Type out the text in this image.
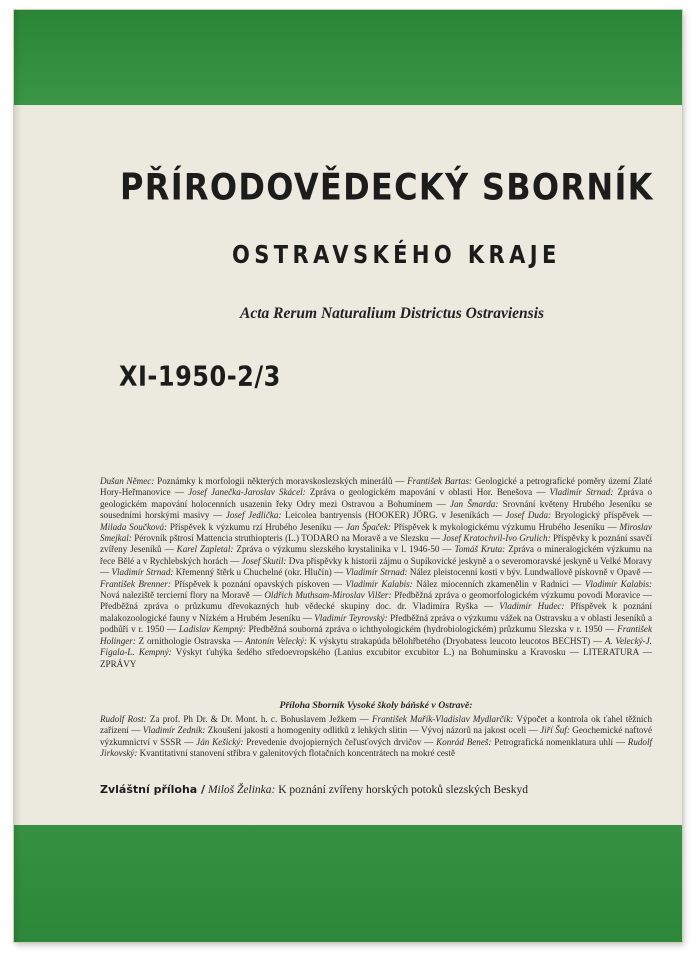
PŘÍRODOVĚDECKÝ SBORNÍK
OSTRAVSKÉHO KRAJE
Acta Rerum Naturalium Districtus Ostraviensis
XI-1950-2/3
Dušan Němec: Poznámky k morfologii některých moravskoslezských minerálů — František Bartas: Geologické a petrografické poměry území Zlaté Hory-Heřmanovice — Josef Janečka-Jaroslav Skácel: Zpráva o geologickém mapování v oblasti Hor. Benešova — Vladimír Strnad: Zpráva o geologickém mapování holocenních usazenin řeky Odry mezi Ostravou a Bohumínem — Jan Šmarda: Srovnání květeny Hrubého Jeseníku se sousedními horskými masivy — Josef Jedlička: Leicolea bantryensis (HOOKER) JÖRG. v Jeseníkách — Josef Duda: Bryologický příspěvek — Milada Součková: Příspěvek k výzkumu rzí Hrubého Jeseníku — Jan Špaček: Příspěvek k mykologickému výzkumu Hrubého Jeseníku — Miroslav Smejkal: Pérovník pštrosí Mattencia struthiopteris (L.) TODARO na Moravě a ve Slezsku — Josef Kratochvil-Ivo Grulich: Příspěvky k poznání ssavčí zvířeny Jeseníků — Karel Zapletal: Zpráva o výzkumu slezského krystalinika v l. 1946-50 — Tomáš Kruta: Zpráva o mineralogickém výzkumu na řece Bělé a v Rychlebských horách — Josef Skutil: Dva příspěvky k historii zájmu o Supíkovické jeskyně a o severomoravské jeskyně u Velké Moravy — Vladimír Strnad: Křemenný štěrk u Chuchelné (okr. Hlučín) — Vladimír Strnad: Nález pleistocenní kosti v býv. Lundwallově pískovně v Opavě — František Brenner: Příspěvek k poznání opavských pískoven — Vladimír Kalabis: Nález miocenních zkamenělin v Radnici — Vladimír Kalabis: Nová naleziště tercierní flory na Moravě — Oldřich Muthsam-Miroslav Vilšer: Předběžná zpráva o geomorfologickém výzkumu povodí Moravice — Předběžná zpráva o průzkumu dřevokazných hub vědecké skupiny doc. dr. Vladimíra Ryška — Vladimír Hudec: Příspěvek k poznání malakozoologické fauny v Nízkém a Hrubém Jeseníku — Vladimír Teyrovský: Předběžná zpráva o výzkumu vážek na Ostravsku a v oblasti Jeseníků a podhůří v r. 1950 — Ladislav Kempný: Předběžná souborná zpráva o ichthyologickém (hydrobiologickém) průzkumu Slezska v r. 1950 — František Holinger: Z ornithologie Ostravska — Antonín Velecký: K výskytu strakapúda bělohřbetého (Dryobatess leucoto leucotos BECHST) — A. Velecký-J. Figala-L. Kempný: Výskyt ťuhýka šedého středoevropského (Lanius excubitor excubitor L.) na Bohumínsku a Kravosku — LITERATURA — ZPRÁVY
Příloha Sborník Vysoké školy báňské v Ostravě:
Rudolf Rost: Za prof. Ph Dr. & Dr. Mont. h. c. Bohuslavem Ježkem — František Mařík-Vladislav Mydlarčík: Výpočet a kontrola ok ťahel těžních zařízení — Vladimír Zedník: Zkoušení jakosti a homogenity odlitků z lehkých slitin — Vývoj názorů na jakost oceli — Jiří Šuf: Geochemické naftové výzkumnictví v SSSR — Ján Kešický: Prevedenie dvojopierných čeľusťových drvičov — Konrád Beneš: Petrografická nomenklatura uhlí — Rudolf Jirkovský: Kvantitativní stanovení stříbra v galenitových flotačních koncentrátech na mokré cestě
Zvláštní příloha / Miloš Želinka: K poznání zvířeny horských potoků slezských Beskyd
